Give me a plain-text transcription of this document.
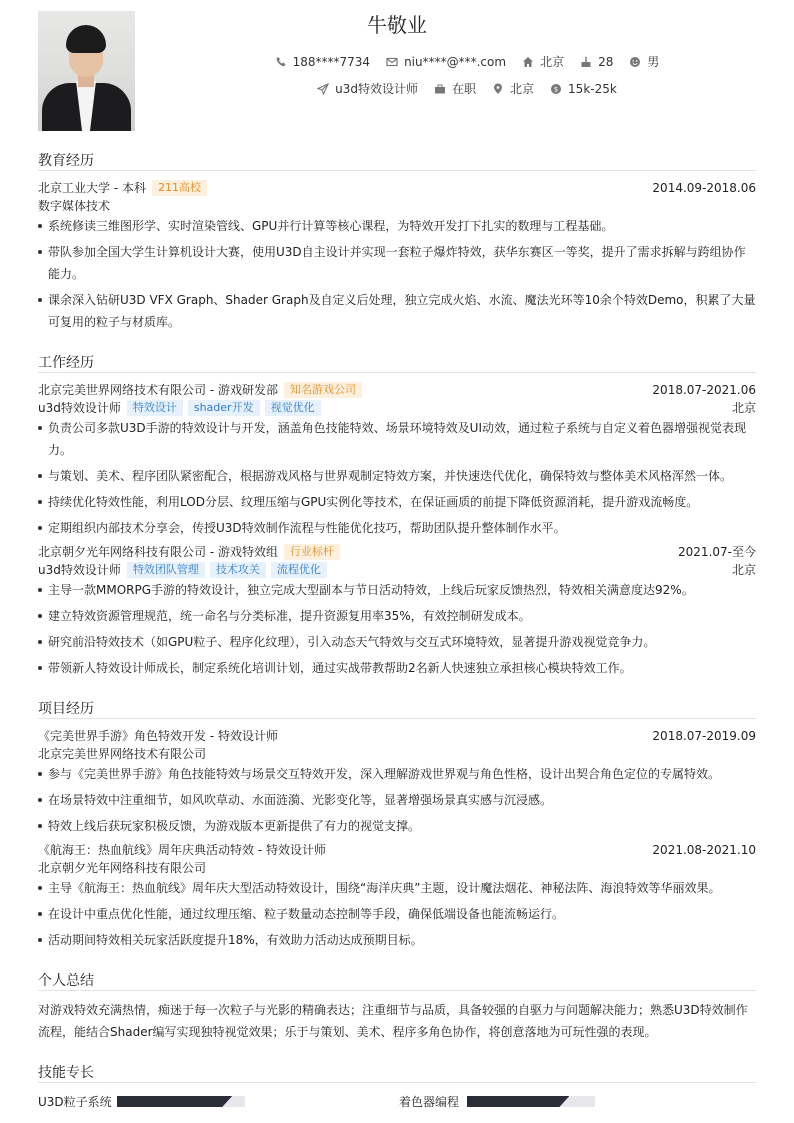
牛敬业
188****7734	niu****@***.com	北京	28	男
u3d特效设计师	在职	北京	$ 15k-25k
教育经历
北京工业大学 - 本科	211高校	2014.09-2018.06
数字媒体技术
系统修读三维图形学、实时渲染管线、GPU并行计算等核心课程，为特效开发打下扎实的数理与工程基础。
带队参加全国大学生计算机设计大赛，使用U3D自主设计并实现一套粒子爆炸特效，获华东赛区一等奖，提升了需求拆解与跨组协作能力。
课余深入钻研U3D VFX Graph、Shader Graph及自定义后处理，独立完成火焰、水流、魔法光环等10余个特效Demo，积累了大量可复用的粒子与材质库。
工作经历
北京完美世界网络技术有限公司 - 游戏研发部	知名游戏公司	2018.07-2021.06
u3d特效设计师	特效设计	shader开发	视觉优化	北京
负责公司多款U3D手游的特效设计与开发，涵盖角色技能特效、场景环境特效及UI动效，通过粒子系统与自定义着色器增强视觉表现力。
与策划、美术、程序团队紧密配合，根据游戏风格与世界观制定特效方案，并快速迭代优化，确保特效与整体美术风格浑然一体。
持续优化特效性能，利用LOD分层、纹理压缩与GPU实例化等技术，在保证画质的前提下降低资源消耗，提升游戏流畅度。
定期组织内部技术分享会，传授U3D特效制作流程与性能优化技巧，帮助团队提升整体制作水平。
北京朝夕光年网络科技有限公司 - 游戏特效组	行业标杆	2021.07-至今
u3d特效设计师	特效团队管理	技术攻关	流程优化	北京
主导一款MMORPG手游的特效设计，独立完成大型副本与节日活动特效，上线后玩家反馈热烈，特效相关满意度达92%。
建立特效资源管理规范，统一命名与分类标准，提升资源复用率35%，有效控制研发成本。
研究前沿特效技术（如GPU粒子、程序化纹理），引入动态天气特效与交互式环境特效，显著提升游戏视觉竞争力。
带领新人特效设计师成长，制定系统化培训计划，通过实战带教帮助2名新人快速独立承担核心模块特效工作。
项目经历
《完美世界手游》角色特效开发 - 特效设计师	2018.07-2019.09
北京完美世界网络技术有限公司
参与《完美世界手游》角色技能特效与场景交互特效开发，深入理解游戏世界观与角色性格，设计出契合角色定位的专属特效。
在场景特效中注重细节，如风吹草动、水面涟漪、光影变化等，显著增强场景真实感与沉浸感。
特效上线后获玩家积极反馈，为游戏版本更新提供了有力的视觉支撑。
《航海王：热血航线》周年庆典活动特效 - 特效设计师	2021.08-2021.10
北京朝夕光年网络科技有限公司
主导《航海王：热血航线》周年庆大型活动特效设计，围绕“海洋庆典”主题，设计魔法烟花、神秘法阵、海浪特效等华丽效果。
在设计中重点优化性能，通过纹理压缩、粒子数量动态控制等手段，确保低端设备也能流畅运行。
活动期间特效相关玩家活跃度提升18%，有效助力活动达成预期目标。
个人总结
对游戏特效充满热情，痴迷于每一次粒子与光影的精确表达；注重细节与品质，具备较强的自驱力与问题解决能力；熟悉U3D特效制作流程，能结合Shader编写实现独特视觉效果；乐于与策划、美术、程序多角色协作，将创意落地为可玩性强的表现。
技能专长
U3D粒子系统	着色器编程
